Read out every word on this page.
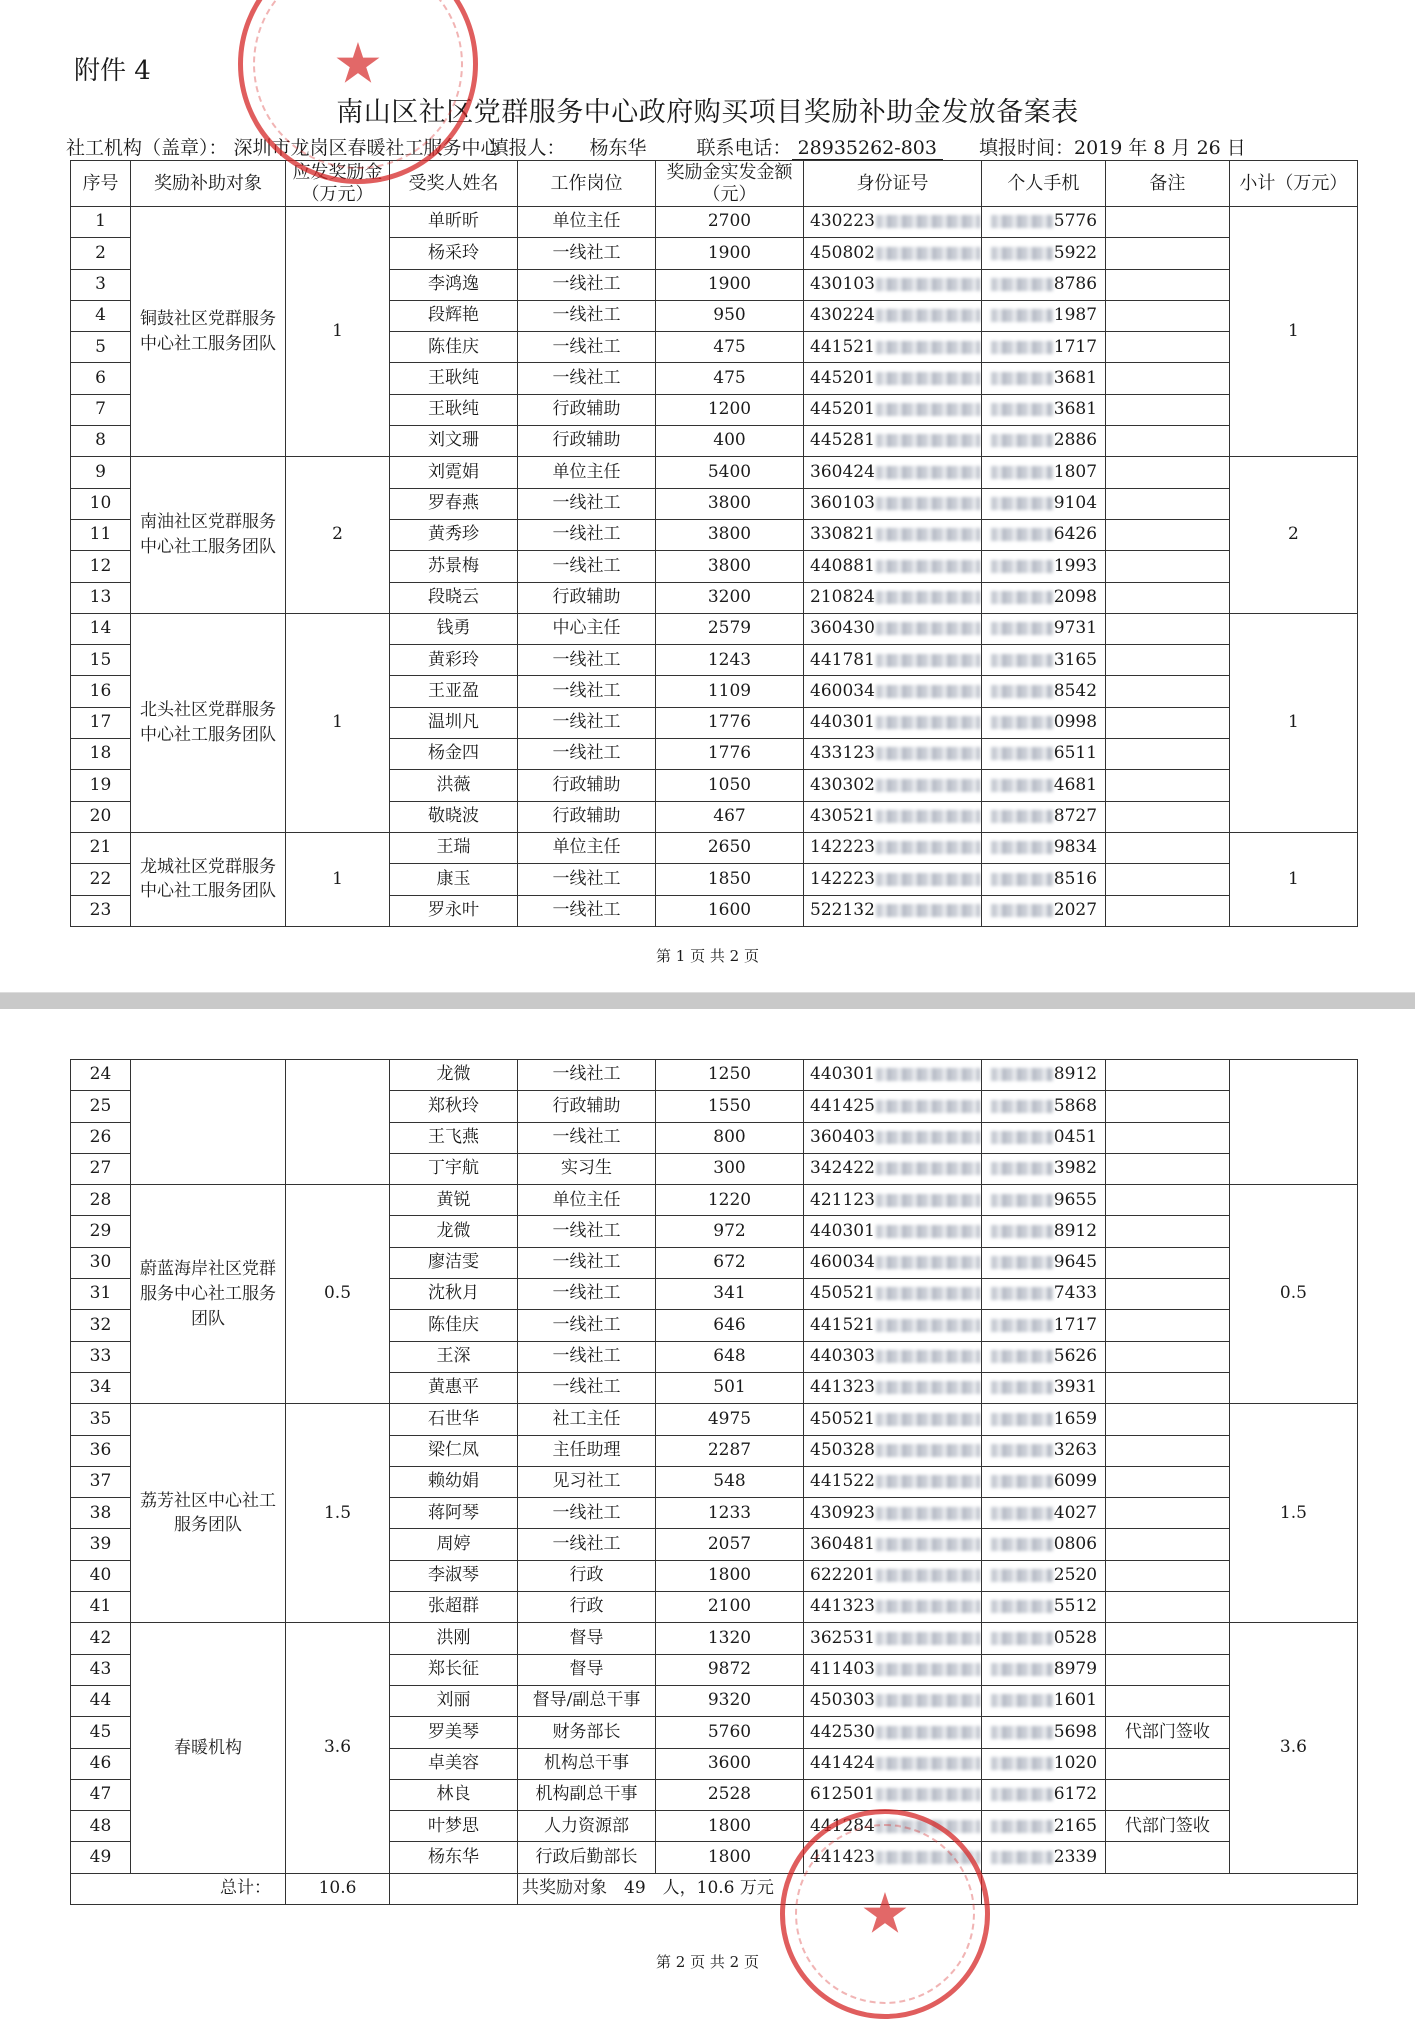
附件 4
南山区社区党群服务中心政府购买项目奖励补助金发放备案表
社工机构（盖章）： 深圳市龙岗区春暖社工服务中心填报人： 杨东华	联系电话： 28935262-803 填报时间：2019 年 8 月 26 日
序号	奖励补助对象	应发奖励金（万元）	受奖人姓名	工作岗位	奖励金实发金额（元）	身份证号	个人手机	备注	小计（万元）
1	铜鼓社区党群服务中心社工服务团队	1	单昕昕	单位主任	2700	430223	5776		1
2			杨采玲	一线社工	1900	450802	5922		
3			李鸿逸	一线社工	1900	430103	8786		
4			段辉艳	一线社工	950	430224	1987		
5			陈佳庆	一线社工	475	441521	1717		
6			王耿纯	一线社工	475	445201	3681		
7			王耿纯	行政辅助	1200	445201	3681		
8			刘文珊	行政辅助	400	445281	2886		
9	南油社区党群服务中心社工服务团队	2	刘霓娟	单位主任	5400	360424	1807		2
10			罗春燕	一线社工	3800	360103	9104		
11			黄秀珍	一线社工	3800	330821	6426		
12			苏景梅	一线社工	3800	440881	1993		
13			段晓云	行政辅助	3200	210824	2098		
14	北头社区党群服务中心社工服务团队	1	钱勇	中心主任	2579	360430	9731		1
15			黄彩玲	一线社工	1243	441781	3165		
16			王亚盈	一线社工	1109	460034	8542		
17			温圳凡	一线社工	1776	440301	0998		
18			杨金四	一线社工	1776	433123	6511		
19			洪薇	行政辅助	1050	430302	4681		
20			敬晓波	行政辅助	467	430521	8727		
21	龙城社区党群服务中心社工服务团队	1	王瑞	单位主任	2650	142223	9834		1
22			康玉	一线社工	1850	142223	8516		
23			罗永叶	一线社工	1600	522132	2027		
第 1 页 共 2 页
★
24			龙微	一线社工	1250	440301	8912		
25			郑秋玲	行政辅助	1550	441425	5868		
26			王飞燕	一线社工	800	360403	0451		
27			丁宇航	实习生	300	342422	3982		
28	蔚蓝海岸社区党群服务中心社工服务团队	0.5	黄锐	单位主任	1220	421123	9655		0.5
29			龙微	一线社工	972	440301	8912		
30			廖洁雯	一线社工	672	460034	9645		
31			沈秋月	一线社工	341	450521	7433		
32			陈佳庆	一线社工	646	441521	1717		
33			王深	一线社工	648	440303	5626		
34			黄惠平	一线社工	501	441323	3931		
35	荔芳社区中心社工服务团队	1.5	石世华	社工主任	4975	450521	1659		1.5
36			梁仁凤	主任助理	2287	450328	3263		
37			赖幼娟	见习社工	548	441522	6099		
38			蒋阿琴	一线社工	1233	430923	4027		
39			周婷	一线社工	2057	360481	0806		
40			李淑琴	行政	1800	622201	2520		
41			张超群	行政	2100	441323	5512		
42	春暖机构	3.6	洪刚	督导	1320	362531	0528		3.6
43			郑长征	督导	9872	411403	8979		
44			刘丽	督导/副总干事	9320	450303	1601		
45			罗美琴	财务部长	5760	442530	5698	代部门签收	
46			卓美容	机构总干事	3600	441424	1020		
47			林良	机构副总干事	2528	612501	6172		
48			叶梦思	人力资源部	1800	441284	2165	代部门签收	
49			杨东华	行政后勤部长	1800	441423	2339		
总计：		10.6		共奖励对象　49　人，10.6 万元					
第 2 页 共 2 页
★
